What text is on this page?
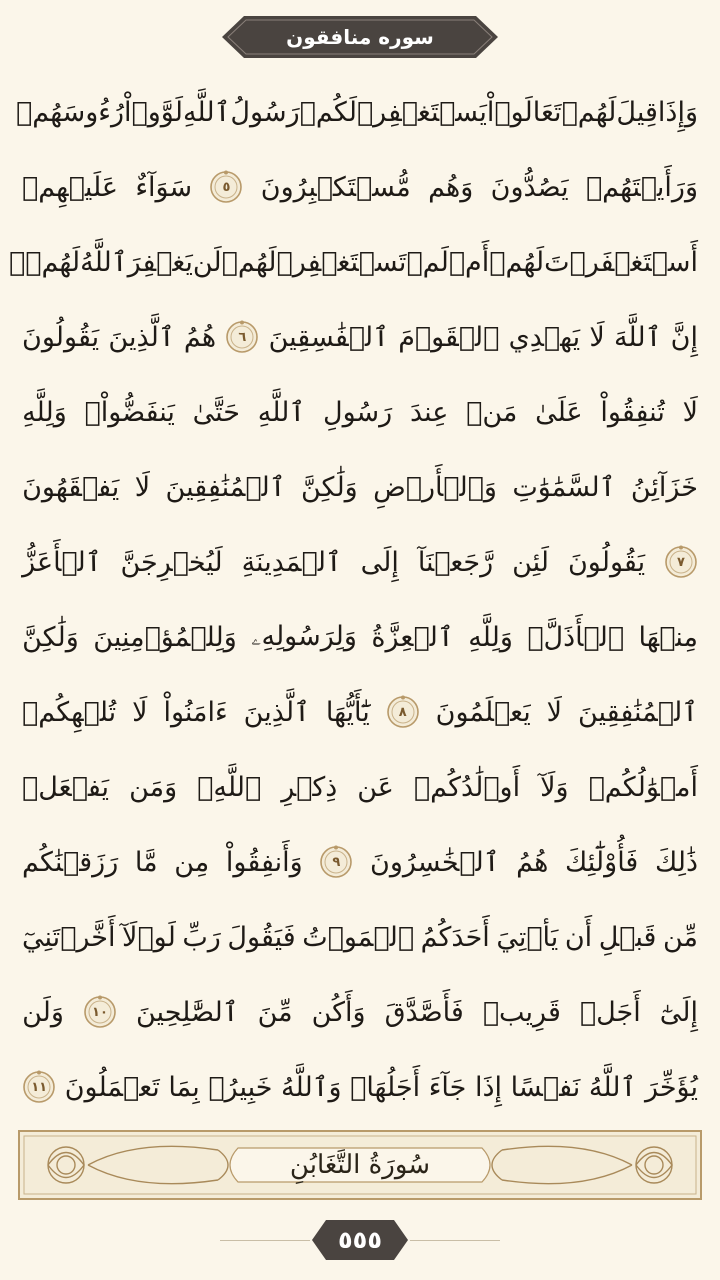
سوره منافقون
وَإِذَا
قِيلَ
لَهُمۡ
تَعَالَوۡاْ
يَسۡتَغۡفِرۡ
لَكُمۡ
رَسُولُ
ٱللَّهِ
لَوَّوۡاْ
رُءُوسَهُمۡ
وَرَأَيۡتَهُمۡ
يَصُدُّونَ
وَهُم
مُّسۡتَكۡبِرُونَ
٥
سَوَآءٌ
عَلَيۡهِمۡ
أَسۡتَغۡفَرۡتَ
لَهُمۡ
أَمۡ
لَمۡ
تَسۡتَغۡفِرۡ
لَهُمۡ
لَن
يَغۡفِرَ
ٱللَّهُ
لَهُمۡۚ
إِنَّ
ٱللَّهَ
لَا
يَهۡدِي
ٱلۡقَوۡمَ
ٱلۡفَٰسِقِينَ
٦
هُمُ
ٱلَّذِينَ
يَقُولُونَ
لَا
تُنفِقُواْ
عَلَىٰ
مَنۡ
عِندَ
رَسُولِ
ٱللَّهِ
حَتَّىٰ
يَنفَضُّواْۗ
وَلِلَّهِ
خَزَآئِنُ
ٱلسَّمَٰوَٰتِ
وَٱلۡأَرۡضِ
وَلَٰكِنَّ
ٱلۡمُنَٰفِقِينَ
لَا
يَفۡقَهُونَ
٧
يَقُولُونَ
لَئِن
رَّجَعۡنَآ
إِلَى
ٱلۡمَدِينَةِ
لَيُخۡرِجَنَّ
ٱلۡأَعَزُّ
مِنۡهَا
ٱلۡأَذَلَّۚ
وَلِلَّهِ
ٱلۡعِزَّةُ
وَلِرَسُولِهِۦ
وَلِلۡمُؤۡمِنِينَ
وَلَٰكِنَّ
ٱلۡمُنَٰفِقِينَ
لَا
يَعۡلَمُونَ
٨
يَٰٓأَيُّهَا
ٱلَّذِينَ
ءَامَنُواْ
لَا
تُلۡهِكُمۡ
أَمۡوَٰلُكُمۡ
وَلَآ
أَوۡلَٰدُكُمۡ
عَن
ذِكۡرِ
ٱللَّهِۚ
وَمَن
يَفۡعَلۡ
ذَٰلِكَ
فَأُوْلَٰٓئِكَ
هُمُ
ٱلۡخَٰسِرُونَ
٩
وَأَنفِقُواْ
مِن
مَّا
رَزَقۡنَٰكُم
مِّن
قَبۡلِ
أَن
يَأۡتِيَ
أَحَدَكُمُ
ٱلۡمَوۡتُ
فَيَقُولَ
رَبِّ
لَوۡلَآ
أَخَّرۡتَنِيٓ
إِلَىٰٓ
أَجَلٖ
قَرِيبٖ
فَأَصَّدَّقَ
وَأَكُن
مِّنَ
ٱلصَّٰلِحِينَ
١٠
وَلَن
يُؤَخِّرَ
ٱللَّهُ
نَفۡسًا
إِذَا
جَآءَ
أَجَلُهَاۚ
وَٱللَّهُ
خَبِيرُۢ
بِمَا
تَعۡمَلُونَ
١١
سُورَةُ التَّغَابُنِ
٥٥٥
